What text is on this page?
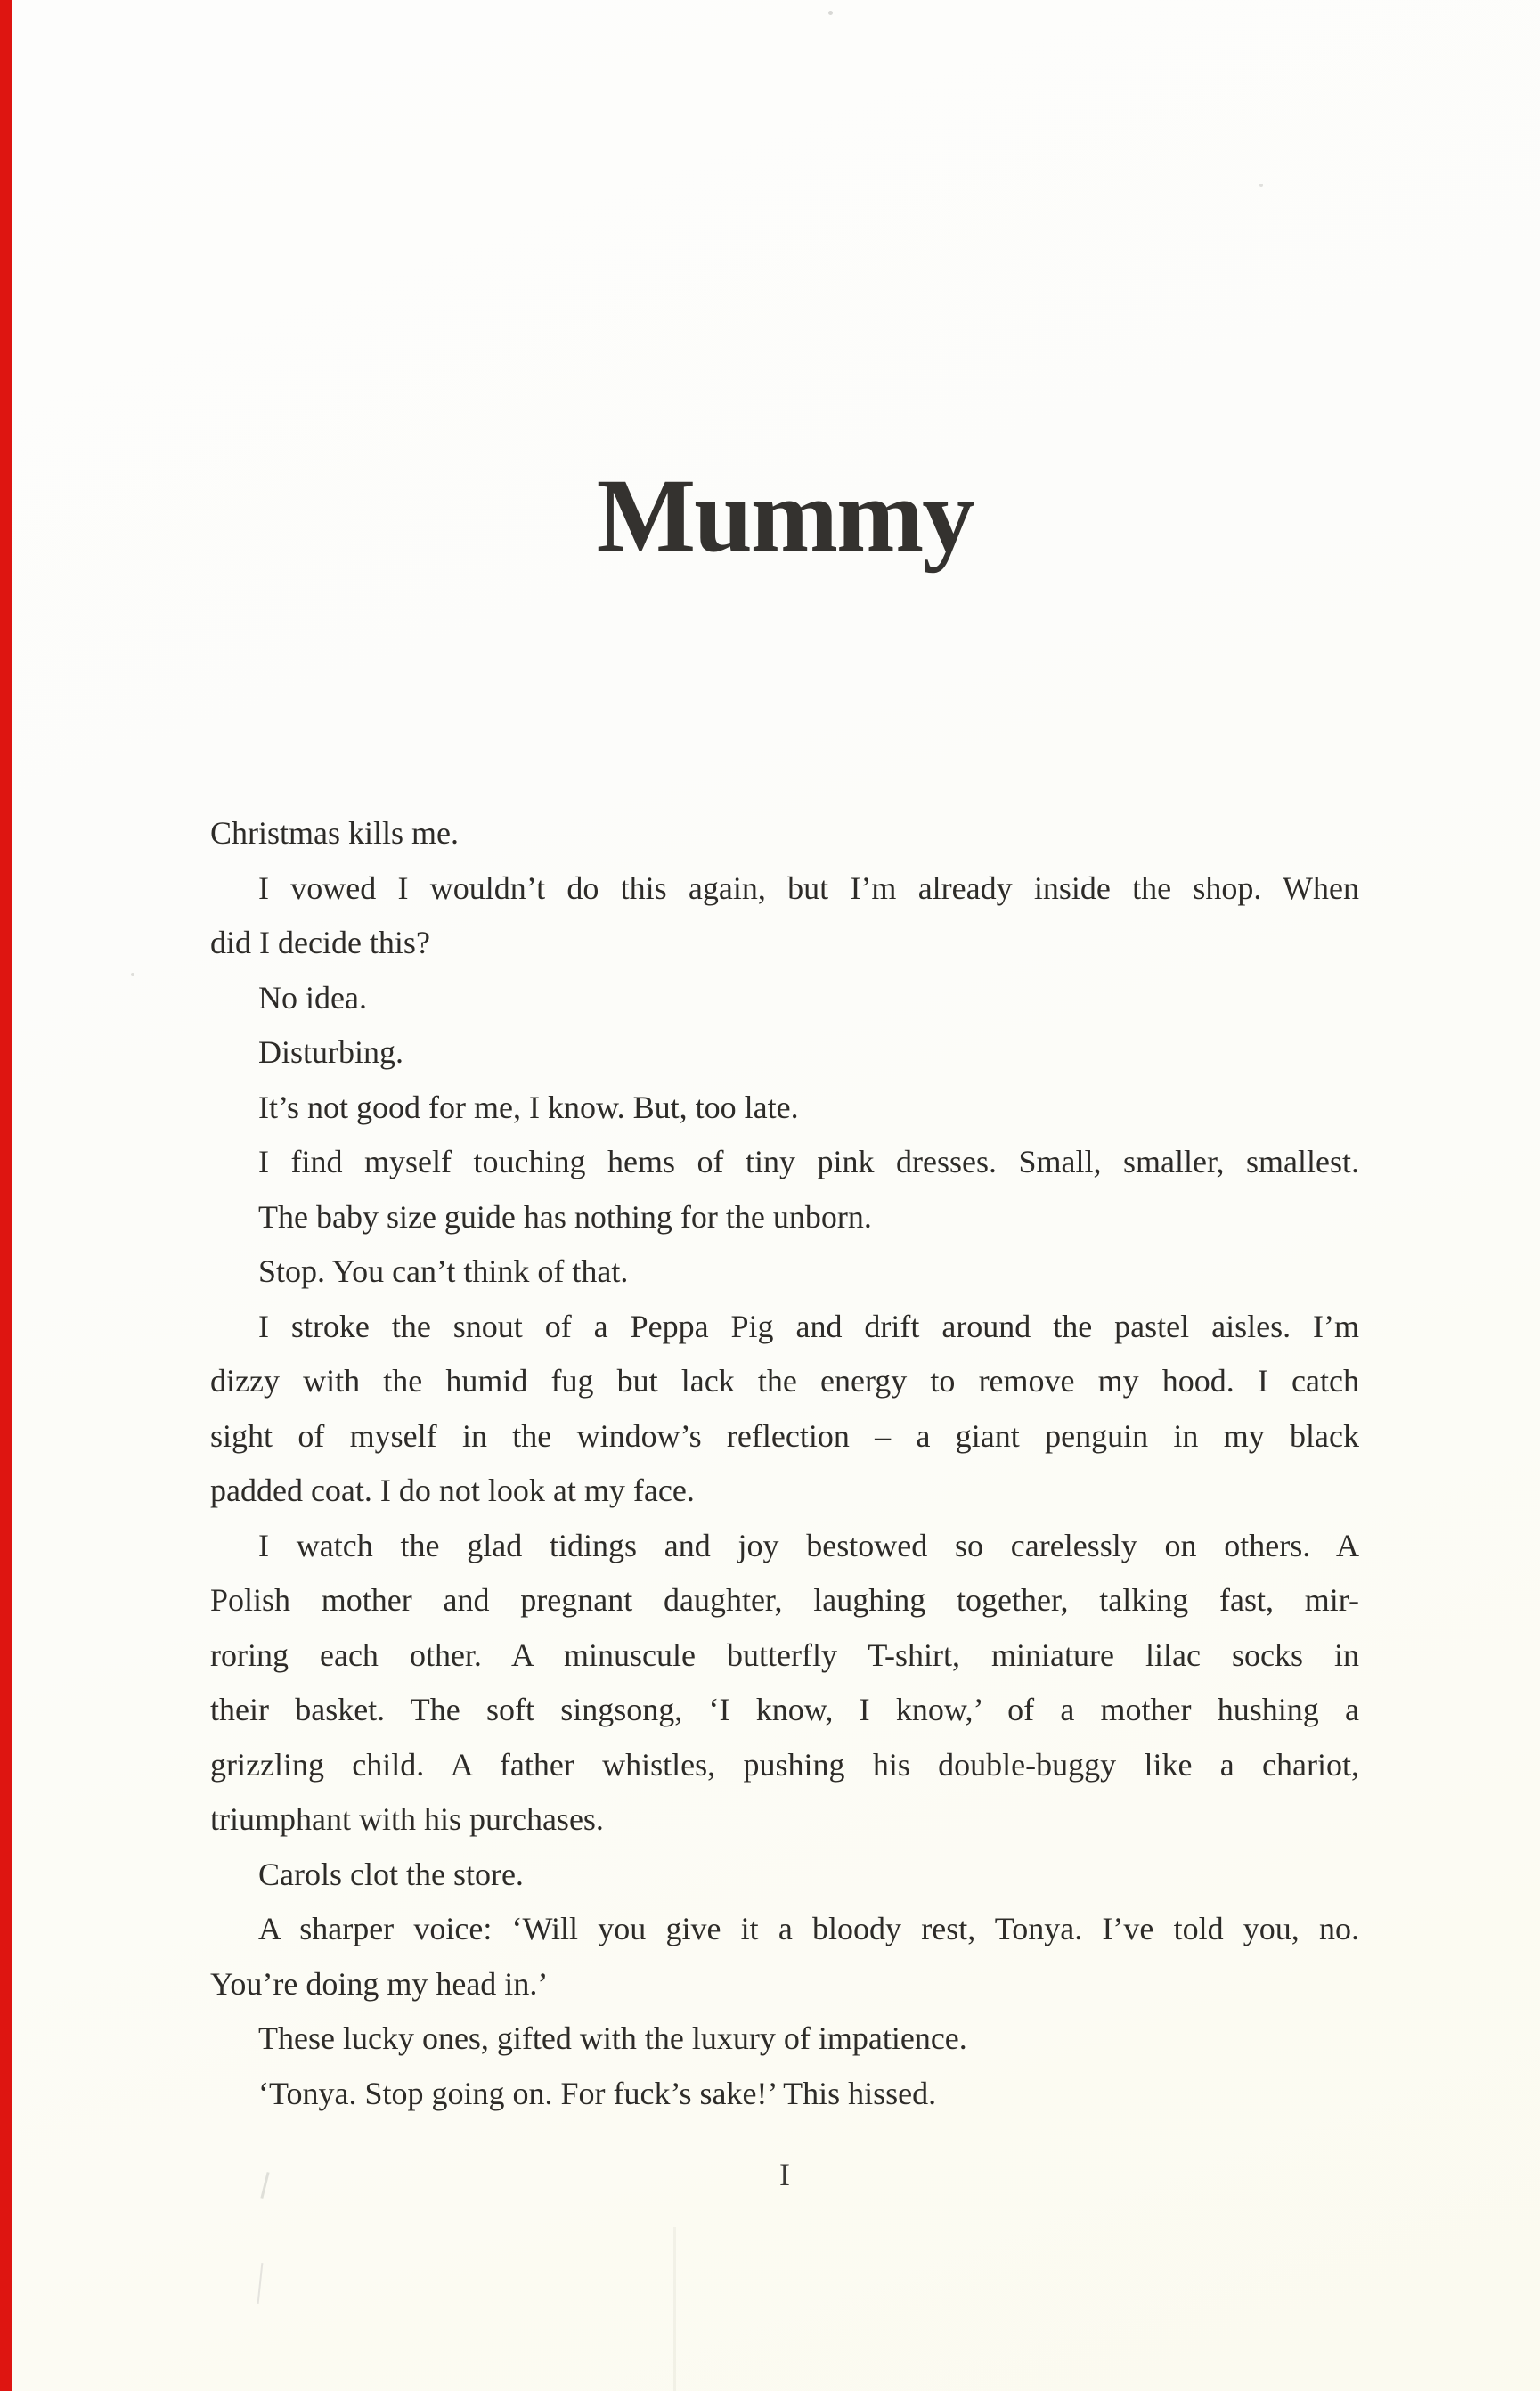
Mummy
Christmas kills me.
I vowed I wouldn’t do this again, but I’m already inside the shop. When
did I decide this?
No idea.
Disturbing.
It’s not good for me, I know. But, too late.
I find myself touching hems of tiny pink dresses. Small, smaller, smallest.
The baby size guide has nothing for the unborn.
Stop. You can’t think of that.
I stroke the snout of a Peppa Pig and drift around the pastel aisles. I’m
dizzy with the humid fug but lack the energy to remove my hood. I catch
sight of myself in the window’s reflection – a giant penguin in my black
padded coat. I do not look at my face.
I watch the glad tidings and joy bestowed so carelessly on others. A
Polish mother and pregnant daughter, laughing together, talking fast, mir-
roring each other. A minuscule butterfly T-shirt, miniature lilac socks in
their basket. The soft singsong, ‘I know, I know,’ of a mother hushing a
grizzling child. A father whistles, pushing his double-buggy like a chariot,
triumphant with his purchases.
Carols clot the store.
A sharper voice: ‘Will you give it a bloody rest, Tonya. I’ve told you, no.
You’re doing my head in.’
These lucky ones, gifted with the luxury of impatience.
‘Tonya. Stop going on. For fuck’s sake!’ This hissed.
I
